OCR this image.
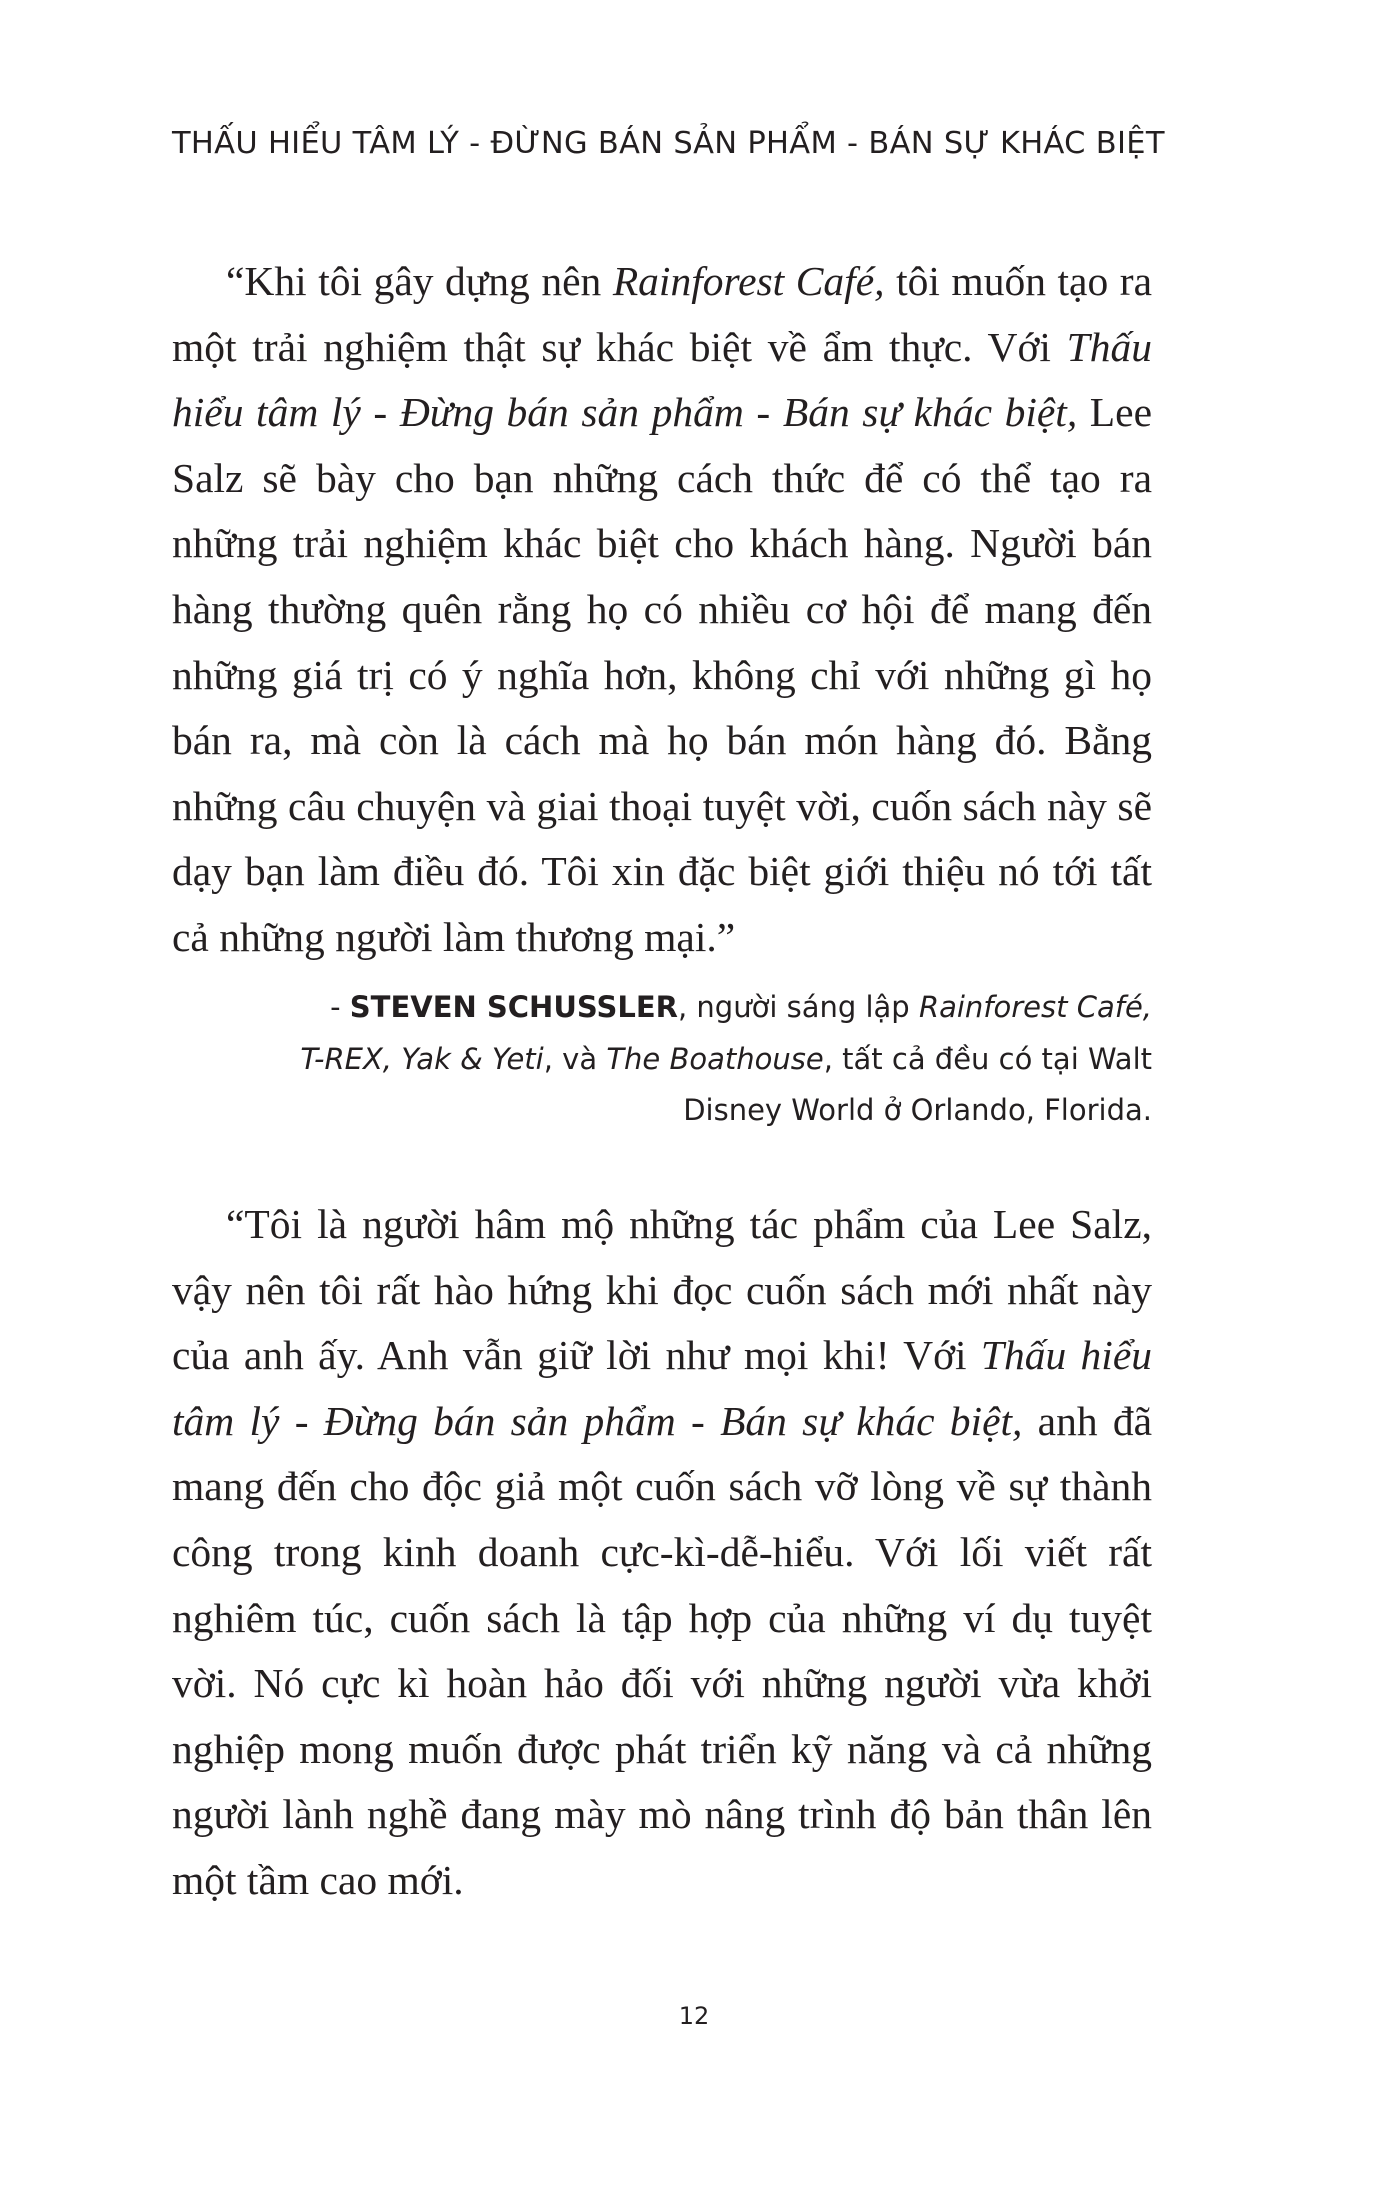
THẤU HIỂU TÂM LÝ - ĐỪNG BÁN SẢN PHẨM - BÁN SỰ KHÁC BIỆT

“Khi tôi gây dựng nên Rainforest Café, tôi muốn tạo ra một trải nghiệm thật sự khác biệt về ẩm thực. Với Thấu hiểu tâm lý - Đừng bán sản phẩm - Bán sự khác biệt, Lee Salz sẽ bày cho bạn những cách thức để có thể tạo ra những trải nghiệm khác biệt cho khách hàng. Người bán hàng thường quên rằng họ có nhiều cơ hội để mang đến những giá trị có ý nghĩa hơn, không chỉ với những gì họ bán ra, mà còn là cách mà họ bán món hàng đó. Bằng những câu chuyện và giai thoại tuyệt vời, cuốn sách này sẽ dạy bạn làm điều đó. Tôi xin đặc biệt giới thiệu nó tới tất cả những người làm thương mại.”

- STEVEN SCHUSSLER, người sáng lập Rainforest Café, T-REX, Yak & Yeti, và The Boathouse, tất cả đều có tại Walt Disney World ở Orlando, Florida.

“Tôi là người hâm mộ những tác phẩm của Lee Salz, vậy nên tôi rất hào hứng khi đọc cuốn sách mới nhất này của anh ấy. Anh vẫn giữ lời như mọi khi! Với Thấu hiểu tâm lý - Đừng bán sản phẩm - Bán sự khác biệt, anh đã mang đến cho độc giả một cuốn sách vỡ lòng về sự thành công trong kinh doanh cực-kì-dễ-hiểu. Với lối viết rất nghiêm túc, cuốn sách là tập hợp của những ví dụ tuyệt vời. Nó cực kì hoàn hảo đối với những người vừa khởi nghiệp mong muốn được phát triển kỹ năng và cả những người lành nghề đang mày mò nâng trình độ bản thân lên một tầm cao mới.

12
